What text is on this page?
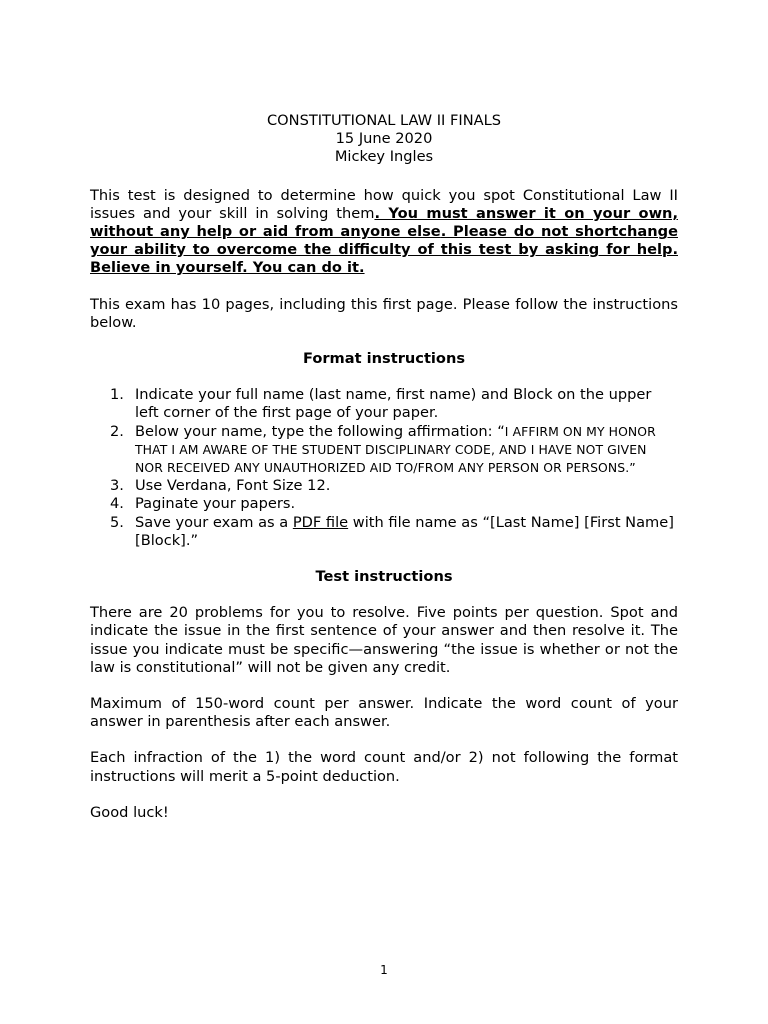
CONSTITUTIONAL LAW II FINALS

15 June 2020

Mickey Ingles

This test is designed to determine how quick you spot Constitutional Law II issues and your skill in solving them. You must answer it on your own, without any help or aid from anyone else. Please do not shortchange your ability to overcome the difficulty of this test by asking for help. Believe in yourself. You can do it.

This exam has 10 pages, including this first page. Please follow the instructions below.

Format instructions

1. Indicate your full name (last name, first name) and Block on the upper left corner of the first page of your paper.
2. Below your name, type the following affirmation: “I AFFIRM ON MY HONOR THAT I AM AWARE OF THE STUDENT DISCIPLINARY CODE, AND I HAVE NOT GIVEN NOR RECEIVED ANY UNAUTHORIZED AID TO/FROM ANY PERSON OR PERSONS.”
3. Use Verdana, Font Size 12.
4. Paginate your papers.
5. Save your exam as a PDF file with file name as “[Last Name] [First Name] [Block].”

Test instructions

There are 20 problems for you to resolve. Five points per question. Spot and indicate the issue in the first sentence of your answer and then resolve it. The issue you indicate must be specific—answering “the issue is whether or not the law is constitutional” will not be given any credit.

Maximum of 150-word count per answer. Indicate the word count of your answer in parenthesis after each answer.

Each infraction of the 1) the word count and/or 2) not following the format instructions will merit a 5-point deduction.

Good luck!

1
